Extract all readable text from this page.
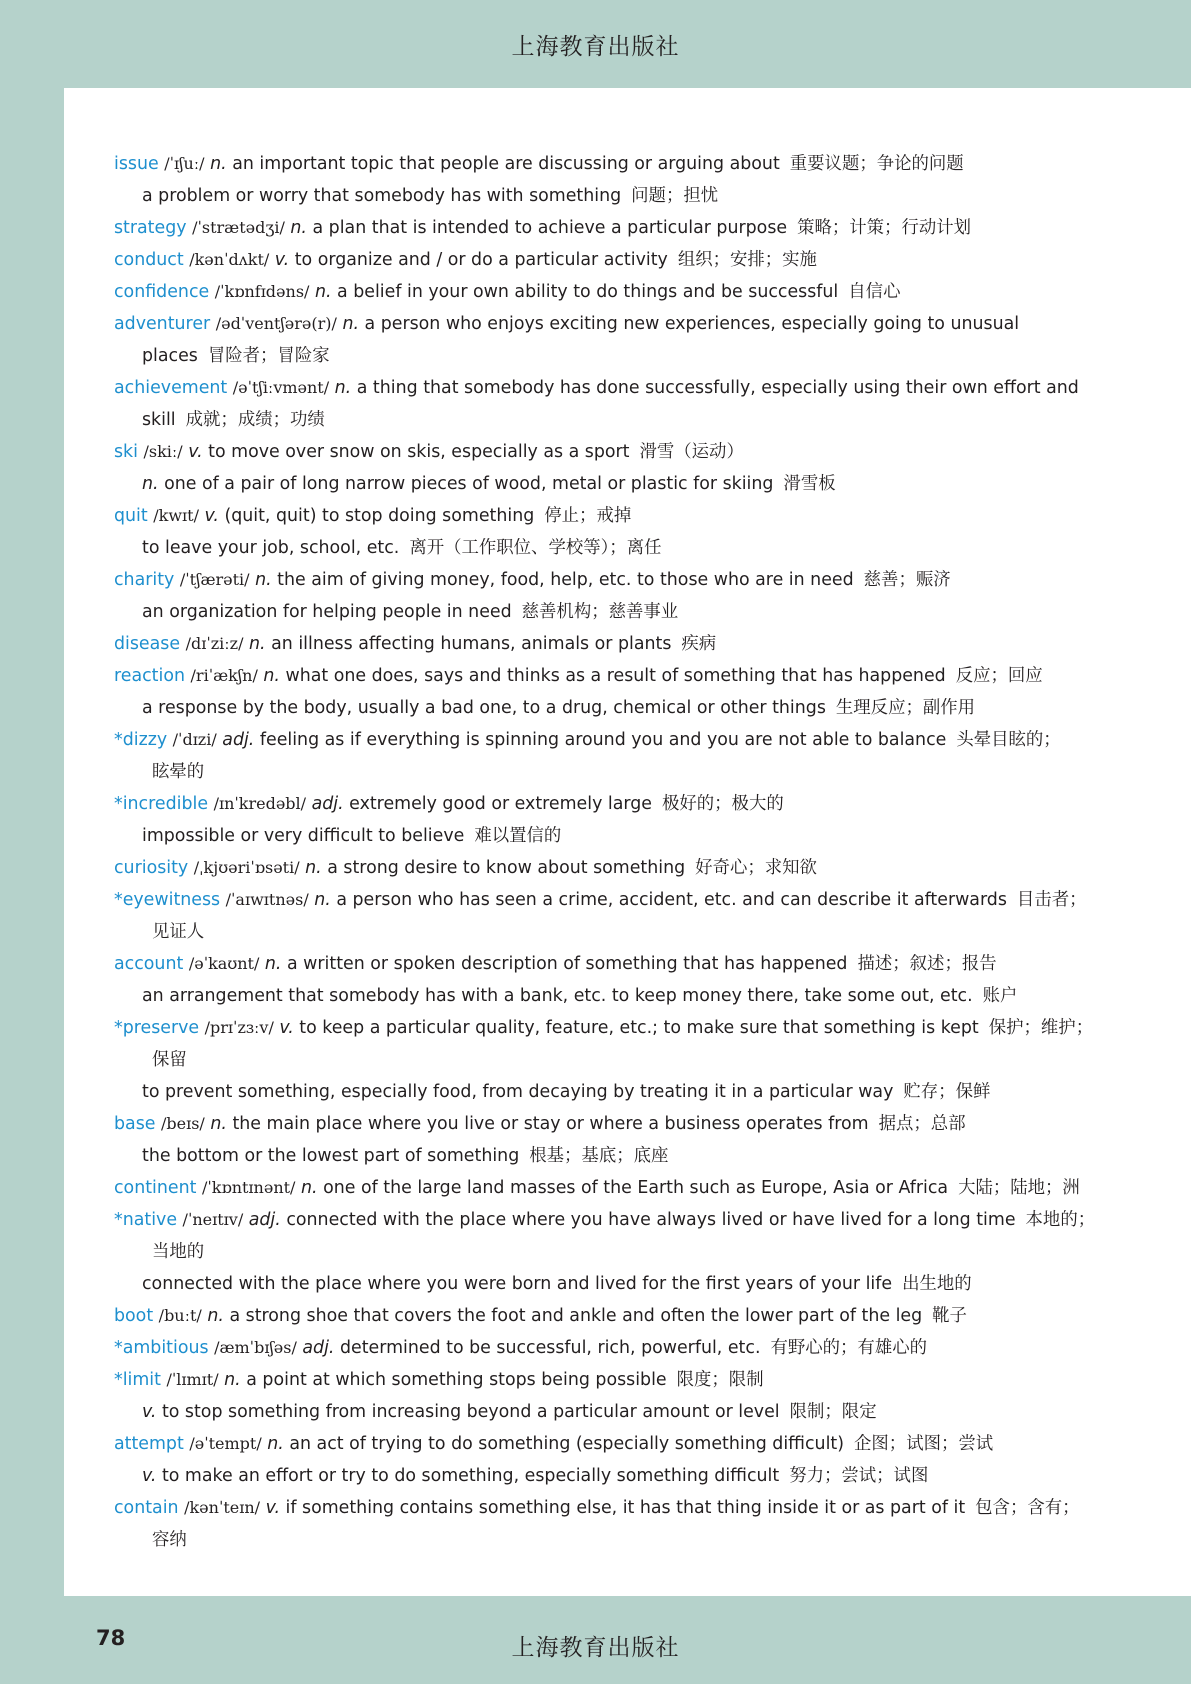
上海教育出版社
issue /ˈɪʃuː/ n. an important topic that people are discussing or arguing about 重要议题；争论的问题
a problem or worry that somebody has with something 问题；担忧
strategy /ˈstrætədʒi/ n. a plan that is intended to achieve a particular purpose 策略；计策；行动计划
conduct /kənˈdʌkt/ v. to organize and / or do a particular activity 组织；安排；实施
confidence /ˈkɒnfɪdəns/ n. a belief in your own ability to do things and be successful 自信心
adventurer /ədˈventʃərə(r)/ n. a person who enjoys exciting new experiences, especially going to unusual
places 冒险者；冒险家
achievement /əˈtʃiːvmənt/ n. a thing that somebody has done successfully, especially using their own effort and
skill 成就；成绩；功绩
ski /skiː/ v. to move over snow on skis, especially as a sport 滑雪（运动）
n. one of a pair of long narrow pieces of wood, metal or plastic for skiing 滑雪板
quit /kwɪt/ v. (quit, quit) to stop doing something 停止；戒掉
to leave your job, school, etc. 离开（工作职位、学校等）；离任
charity /ˈtʃærəti/ n. the aim of giving money, food, help, etc. to those who are in need 慈善；赈济
an organization for helping people in need 慈善机构；慈善事业
disease /dɪˈziːz/ n. an illness affecting humans, animals or plants 疾病
reaction /riˈækʃn/ n. what one does, says and thinks as a result of something that has happened 反应；回应
a response by the body, usually a bad one, to a drug, chemical or other things 生理反应；副作用
*dizzy /ˈdɪzi/ adj. feeling as if everything is spinning around you and you are not able to balance 头晕目眩的；
眩晕的
*incredible /ɪnˈkredəbl/ adj. extremely good or extremely large 极好的；极大的
impossible or very difficult to believe 难以置信的
curiosity /ˌkjʊəriˈɒsəti/ n. a strong desire to know about something 好奇心；求知欲
*eyewitness /ˈaɪwɪtnəs/ n. a person who has seen a crime, accident, etc. and can describe it afterwards 目击者；
见证人
account /əˈkaʊnt/ n. a written or spoken description of something that has happened 描述；叙述；报告
an arrangement that somebody has with a bank, etc. to keep money there, take some out, etc. 账户
*preserve /prɪˈzɜːv/ v. to keep a particular quality, feature, etc.; to make sure that something is kept 保护；维护；
保留
to prevent something, especially food, from decaying by treating it in a particular way 贮存；保鲜
base /beɪs/ n. the main place where you live or stay or where a business operates from 据点；总部
the bottom or the lowest part of something 根基；基底；底座
continent /ˈkɒntɪnənt/ n. one of the large land masses of the Earth such as Europe, Asia or Africa 大陆；陆地；洲
*native /ˈneɪtɪv/ adj. connected with the place where you have always lived or have lived for a long time 本地的；
当地的
connected with the place where you were born and lived for the first years of your life 出生地的
boot /buːt/ n. a strong shoe that covers the foot and ankle and often the lower part of the leg 靴子
*ambitious /æmˈbɪʃəs/ adj. determined to be successful, rich, powerful, etc. 有野心的；有雄心的
*limit /ˈlɪmɪt/ n. a point at which something stops being possible 限度；限制
v. to stop something from increasing beyond a particular amount or level 限制；限定
attempt /əˈtempt/ n. an act of trying to do something (especially something difficult) 企图；试图；尝试
v. to make an effort or try to do something, especially something difficult 努力；尝试；试图
contain /kənˈteɪn/ v. if something contains something else, it has that thing inside it or as part of it 包含；含有；
容纳
78	上海教育出版社
